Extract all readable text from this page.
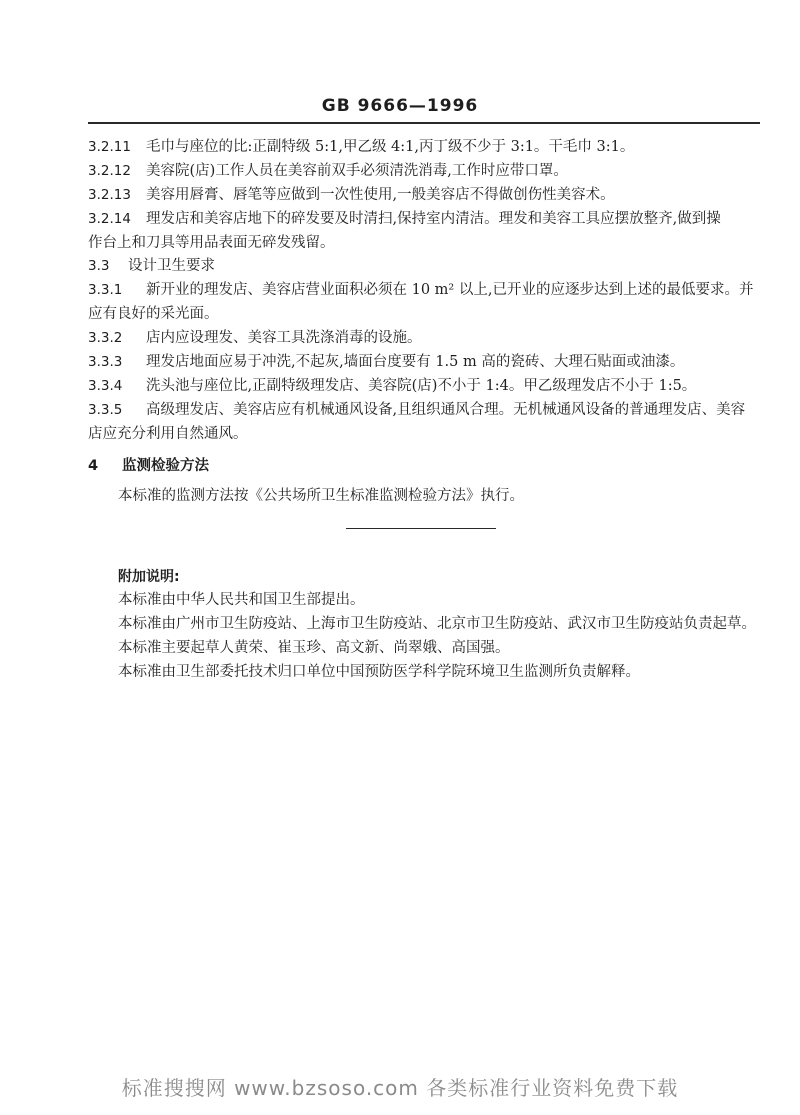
GB 9666—1996
3.2.11 毛巾与座位的比:正副特级 5:1,甲乙级 4:1,丙丁级不少于 3:1。干毛巾 3:1。
3.2.12 美容院(店)工作人员在美容前双手必须清洗消毒,工作时应带口罩。
3.2.13 美容用唇膏、唇笔等应做到一次性使用,一般美容店不得做创伤性美容术。
3.2.14 理发店和美容店地下的碎发要及时清扫,保持室内清洁。理发和美容工具应摆放整齐,做到操
作台上和刀具等用品表面无碎发残留。
3.3 设计卫生要求
3.3.1 新开业的理发店、美容店营业面积必须在 10 m² 以上,已开业的应逐步达到上述的最低要求。并
应有良好的采光面。
3.3.2 店内应设理发、美容工具洗涤消毒的设施。
3.3.3 理发店地面应易于冲洗,不起灰,墙面台度要有 1.5 m 高的瓷砖、大理石贴面或油漆。
3.3.4 洗头池与座位比,正副特级理发店、美容院(店)不小于 1:4。甲乙级理发店不小于 1:5。
3.3.5 高级理发店、美容店应有机械通风设备,且组织通风合理。无机械通风设备的普通理发店、美容
店应充分利用自然通风。
4 监测检验方法
本标准的监测方法按《公共场所卫生标准监测检验方法》执行。
附加说明:
本标准由中华人民共和国卫生部提出。
本标准由广州市卫生防疫站、上海市卫生防疫站、北京市卫生防疫站、武汉市卫生防疫站负责起草。
本标准主要起草人黄荣、崔玉珍、高文新、尚翠娥、高国强。
本标准由卫生部委托技术归口单位中国预防医学科学院环境卫生监测所负责解释。
标准搜搜网 www.bzsoso.com 各类标准行业资料免费下载
